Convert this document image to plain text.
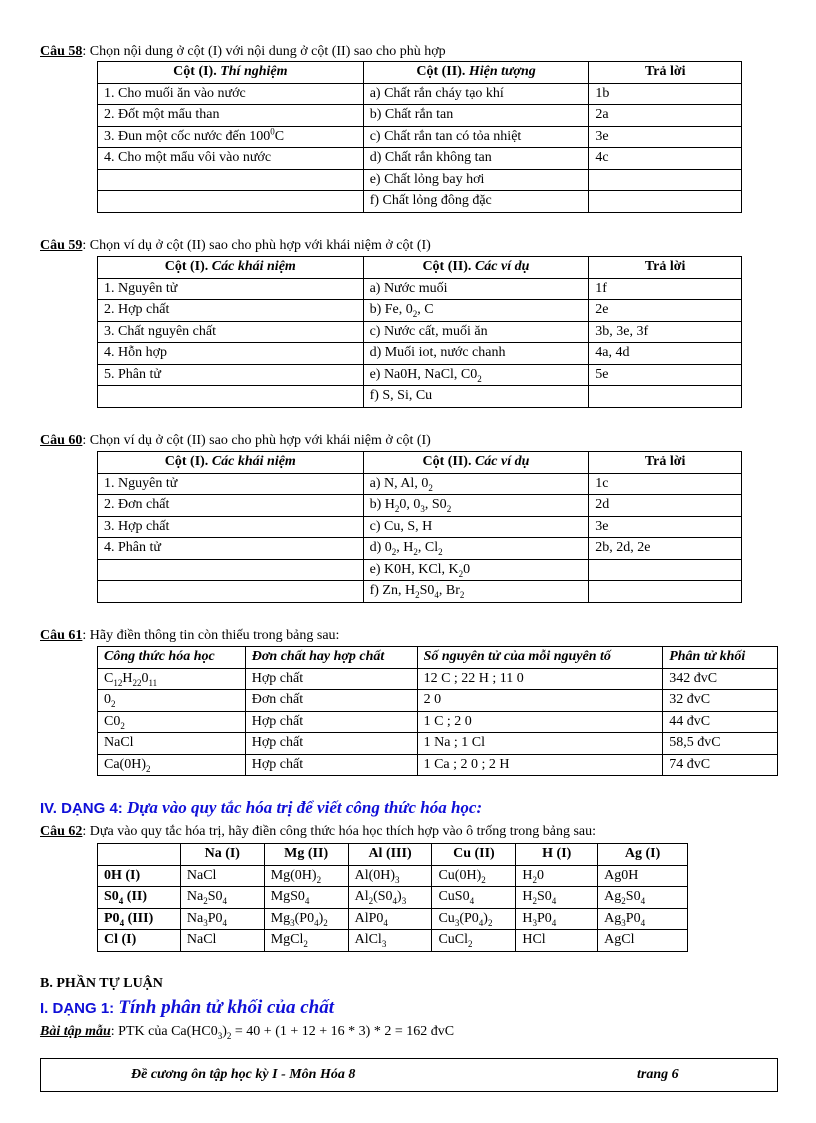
Câu 58: Chọn nội dung ở cột (I) với nội dung ở cột (II) sao cho phù hợp
Cột (I). Thí nghiệm	Cột (II). Hiện tượng	Trả lời
1. Cho muối ăn vào nước	a) Chất rắn cháy tạo khí	1b
2. Đốt một mẩu than	b) Chất rắn tan	2a
3. Đun một cốc nước đến $100^0C$	c) Chất rắn tan có tỏa nhiệt	3e
4. Cho một mẩu vôi vào nước	d) Chất rắn không tan	4c
	e) Chất lỏng bay hơi	
	f) Chất lỏng đông đặc	
Câu 59: Chọn ví dụ ở cột (II) sao cho phù hợp với khái niệm ở cột (I)
Cột (I). Các khái niệm	Cột (II). Các ví dụ	Trả lời
1. Nguyên tử	a) Nước muối	1f
2. Hợp chất	b) Fe, $0_2$, C	2e
3. Chất nguyên chất	c) Nước cất, muối ăn	3b, 3e, 3f
4. Hỗn hợp	d) Muối iot, nước chanh	4a, 4d
5. Phân tử	e) Na0H, NaCl, $C0_2$	5e
	f) S, Si, Cu	
Câu 60: Chọn ví dụ ở cột (II) sao cho phù hợp với khái niệm ở cột (I)
Cột (I). Các khái niệm	Cột (II). Các ví dụ	Trả lời
1. Nguyên tử	a) N, Al, $0_2$	1c
2. Đơn chất	b) $H_20$, $0_3$, $S0_2$	2d
3. Hợp chất	c) Cu, S, H	3e
4. Phân tử	d) $0_2$, $H_2$, $Cl_2$	2b, 2d, 2e
	e) K0H, KCl, $K_20$	
	f) Zn, $H_2S0_4$, $Br_2$	
Câu 61: Hãy điền thông tin còn thiếu trong bảng sau:
Công thức hóa học	Đơn chất hay hợp chất	Số nguyên tử của mỗi nguyên tố	Phân tử khối
$C_{12}H_{22}0_{11}$	Hợp chất	12 C ; 22 H ; 11 0	342 đvC
$0_2$	Đơn chất	2 0	32 đvC
$C0_2$	Hợp chất	1 C ; 2 0	44 đvC
NaCl	Hợp chất	1 Na ; 1 Cl	58,5 đvC
$Ca(0H)_2$	Hợp chất	1 Ca ; 2 0 ; 2 H	74 đvC
IV. DẠNG 4: Dựa vào quy tắc hóa trị để viết công thức hóa học:
Câu 62: Dựa vào quy tắc hóa trị, hãy điền công thức hóa học thích hợp vào ô trống trong bảng sau:
	Na (I)	Mg (II)	Al (III)	Cu (II)	H (I)	Ag (I)
0H (I)	NaCl	$Mg(0H)_2$	$Al(0H)_3$	$Cu(0H)_2$	$H_20$	Ag0H
$S0_4$ (II)	$Na_2S0_4$	$MgS0_4$	$Al_2(S0_4)_3$	$CuS0_4$	$H_2S0_4$	$Ag_2S0_4$
$P0_4$ (III)	$Na_3P0_4$	$Mg_3(P0_4)_2$	$AlP0_4$	$Cu_3(P0_4)_2$	$H_3P0_4$	$Ag_3P0_4$
Cl (I)	NaCl	MgCl$_2$	AlCl$_3$	CuCl$_2$	HCl	AgCl
B. PHẦN TỰ LUẬN
I. DẠNG 1: Tính phân tử khối của chất
Bài tập mẫu: PTK của $Ca(HC0_3)_2 = 40 + (1 + 12 + 16 * 3) * 2 = 162$ đvC
Đề cương ôn tập học kỳ I - Môn Hóa 8	trang 6
